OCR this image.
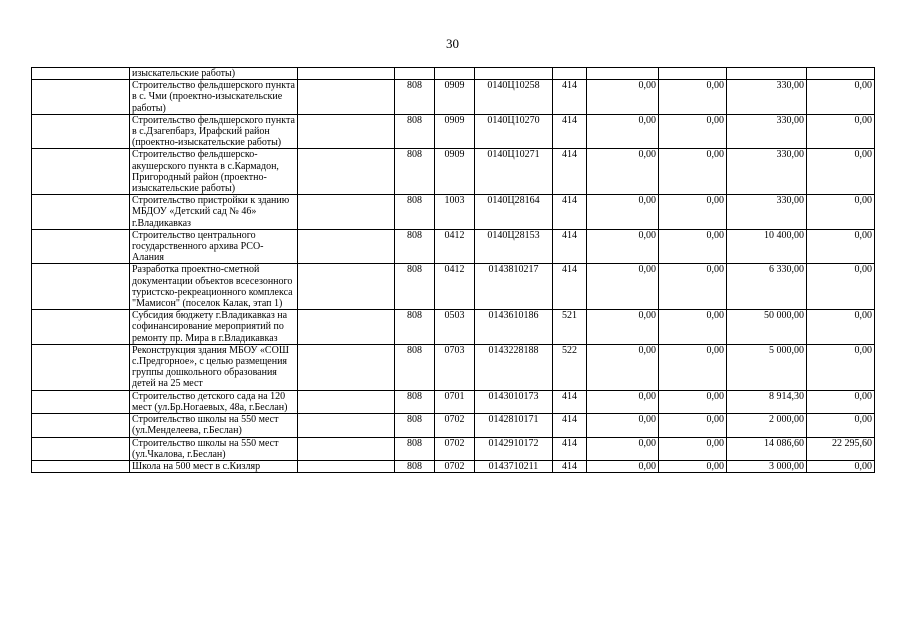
30
	изыскательские работы)									
	Строительство фельдшерского пункта в с. Чми (проектно-изыскательские работы)		808	0909	0140Ц10258	414	0,00	0,00	330,00	0,00
	Строительство фельдшерского пункта в с.Дзагепбарз, Ирафский район (проектно-изыскательские работы)		808	0909	0140Ц10270	414	0,00	0,00	330,00	0,00
	Строительство фельдшерско-акушерского пункта в с.Кармадон, Пригородный район (проектно-изыскательские работы)		808	0909	0140Ц10271	414	0,00	0,00	330,00	0,00
	Строительство пристройки к зданию МБДОУ «Детский сад № 46» г.Владикавказ		808	1003	0140Ц28164	414	0,00	0,00	330,00	0,00
	Строительство центрального государственного архива РСО-Алания		808	0412	0140Ц28153	414	0,00	0,00	10 400,00	0,00
	Разработка проектно-сметной документации объектов всесезонного туристско-рекреационного комплекса "Мамисон" (поселок Калак, этап 1)		808	0412	0143810217	414	0,00	0,00	6 330,00	0,00
	Субсидия бюджету г.Владикавказ на софинансирование мероприятий по ремонту пр. Мира в г.Владикавказ		808	0503	0143610186	521	0,00	0,00	50 000,00	0,00
	Реконструкция здания МБОУ «СОШ с.Предгорное», с целью размещения группы дошкольного образования детей на 25 мест		808	0703	0143228188	522	0,00	0,00	5 000,00	0,00
	Строительство детского сада на 120 мест (ул.Бр.Ногаевых, 48а, г.Беслан)		808	0701	0143010173	414	0,00	0,00	8 914,30	0,00
	Строительство школы на 550 мест (ул.Менделеева, г.Беслан)		808	0702	0142810171	414	0,00	0,00	2 000,00	0,00
	Строительство школы на 550 мест (ул.Чкалова, г.Беслан)		808	0702	0142910172	414	0,00	0,00	14 086,60	22 295,60
	Школа на 500 мест в с.Кизляр		808	0702	0143710211	414	0,00	0,00	3 000,00	0,00
